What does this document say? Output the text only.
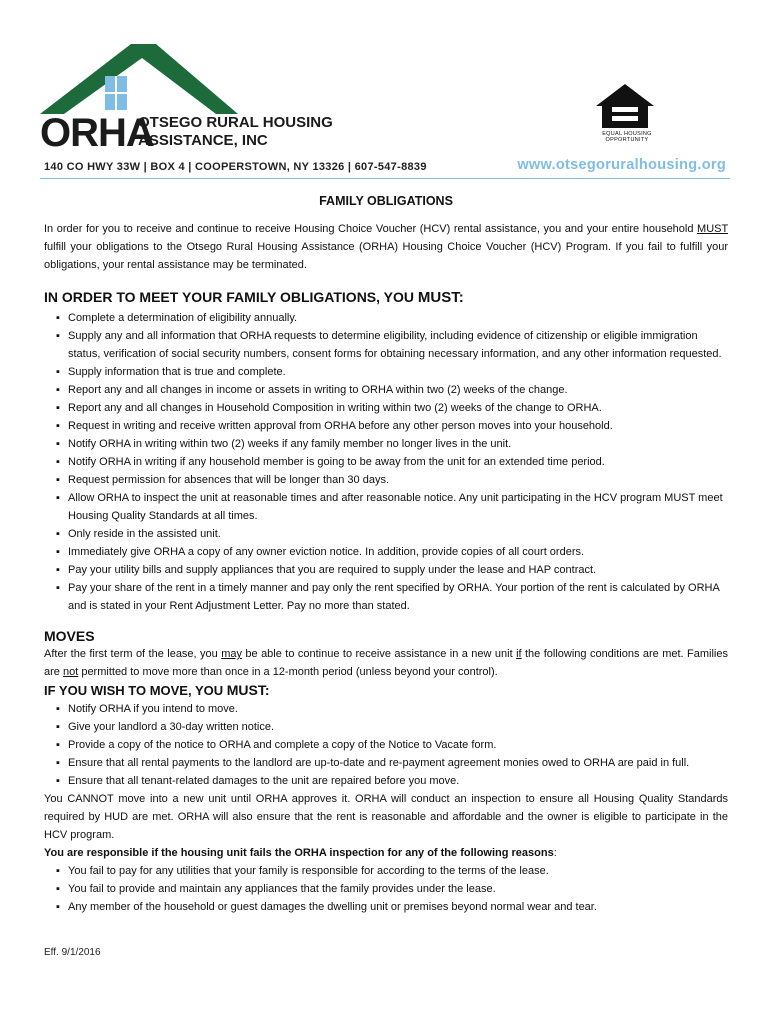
ORHA
OTSEGO RURAL HOUSING
ASSISTANCE, INC	EQUAL HOUSING OPPORTUNITY
140 CO HWY 33W | BOX 4 | COOPERSTOWN, NY 13326 | 607-547-8839	www.otsegoruralhousing.org
FAMILY OBLIGATIONS

In order for you to receive and continue to receive Housing Choice Voucher (HCV) rental assistance, you and your entire household MUST fulfill your obligations to the Otsego Rural Housing Assistance (ORHA) Housing Choice Voucher (HCV) Program. If you fail to fulfill your obligations, your rental assistance may be terminated.

IN ORDER TO MEET YOUR FAMILY OBLIGATIONS, YOU MUST:
▪ Complete a determination of eligibility annually.
▪ Supply any and all information that ORHA requests to determine eligibility, including evidence of citizenship or eligible immigration status, verification of social security numbers, consent forms for obtaining necessary information, and any other information requested.
▪ Supply information that is true and complete.
▪ Report any and all changes in income or assets in writing to ORHA within two (2) weeks of the change.
▪ Report any and all changes in Household Composition in writing within two (2) weeks of the change to ORHA.
▪ Request in writing and receive written approval from ORHA before any other person moves into your household.
▪ Notify ORHA in writing within two (2) weeks if any family member no longer lives in the unit.
▪ Notify ORHA in writing if any household member is going to be away from the unit for an extended time period.
▪ Request permission for absences that will be longer than 30 days.
▪ Allow ORHA to inspect the unit at reasonable times and after reasonable notice. Any unit participating in the HCV program MUST meet Housing Quality Standards at all times.
▪ Only reside in the assisted unit.
▪ Immediately give ORHA a copy of any owner eviction notice. In addition, provide copies of all court orders.
▪ Pay your utility bills and supply appliances that you are required to supply under the lease and HAP contract.
▪ Pay your share of the rent in a timely manner and pay only the rent specified by ORHA. Your portion of the rent is calculated by ORHA and is stated in your Rent Adjustment Letter. Pay no more than stated.
MOVES

After the first term of the lease, you may be able to continue to receive assistance in a new unit if the following conditions are met. Families are not permitted to move more than once in a 12-month period (unless beyond your control).

IF YOU WISH TO MOVE, YOU MUST:
▪ Notify ORHA if you intend to move.
▪ Give your landlord a 30-day written notice.
▪ Provide a copy of the notice to ORHA and complete a copy of the Notice to Vacate form.
▪ Ensure that all rental payments to the landlord are up-to-date and re-payment agreement monies owed to ORHA are paid in full.
▪ Ensure that all tenant-related damages to the unit are repaired before you move.

You CANNOT move into a new unit until ORHA approves it. ORHA will conduct an inspection to ensure all Housing Quality Standards required by HUD are met. ORHA will also ensure that the rent is reasonable and affordable and the owner is eligible to participate in the HCV program.

You are responsible if the housing unit fails the ORHA inspection for any of the following reasons:

▪ You fail to pay for any utilities that your family is responsible for according to the terms of the lease.
▪ You fail to provide and maintain any appliances that the family provides under the lease.
▪ Any member of the household or guest damages the dwelling unit or premises beyond normal wear and tear.
Eff. 9/1/2016
